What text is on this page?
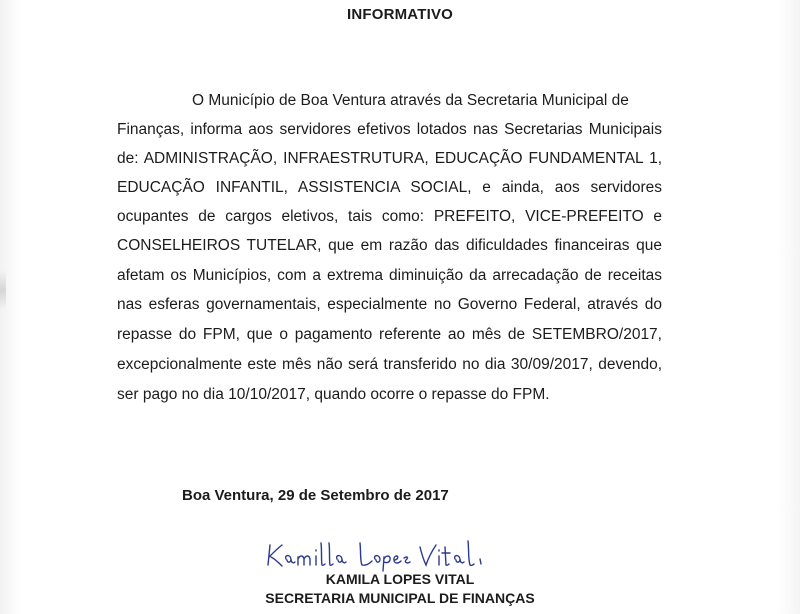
INFORMATIVO
O Município de Boa Ventura através da Secretaria Municipal de
Finanças, informa aos servidores efetivos lotados nas Secretarias Municipais
de: ADMINISTRAÇÃO, INFRAESTRUTURA, EDUCAÇÃO FUNDAMENTAL 1,
EDUCAÇÃO INFANTIL, ASSISTENCIA SOCIAL, e ainda, aos servidores
ocupantes de cargos eletivos, tais como: PREFEITO, VICE-PREFEITO e
CONSELHEIROS TUTELAR, que em razão das dificuldades financeiras que
afetam os Municípios, com a extrema diminuição da arrecadação de receitas
nas esferas governamentais, especialmente no Governo Federal, através do
repasse do FPM, que o pagamento referente ao mês de SETEMBRO/2017,
excepcionalmente este mês não será transferido no dia 30/09/2017, devendo,
ser pago no dia 10/10/2017, quando ocorre o repasse do FPM.
Boa Ventura, 29 de Setembro de 2017
KAMILA LOPES VITAL
SECRETARIA MUNICIPAL DE FINANÇAS
